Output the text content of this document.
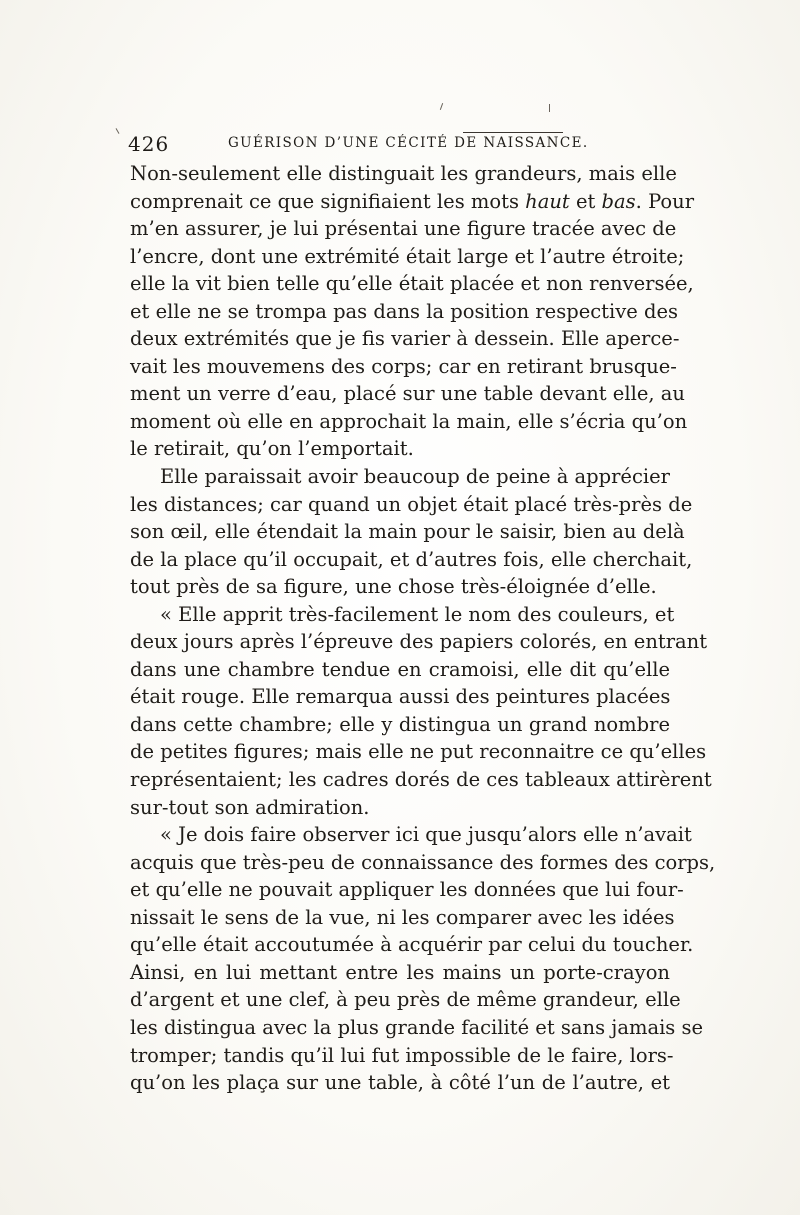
426	GUÉRISON D’UNE CÉCITÉ DE NAISSANCE.
Non-seulement elle distinguait les grandeurs, mais elle
comprenait ce que signifiaient les mots haut et bas. Pour
m’en assurer, je lui présentai une figure tracée avec de
l’encre, dont une extrémité était large et l’autre étroite;
elle la vit bien telle qu’elle était placée et non renversée,
et elle ne se trompa pas dans la position respective des
deux extrémités que je fis varier à dessein. Elle aperce-
vait les mouvemens des corps; car en retirant brusque-
ment un verre d’eau, placé sur une table devant elle, au
moment où elle en approchait la main, elle s’écria qu’on
le retirait, qu’on l’emportait.
Elle paraissait avoir beaucoup de peine à apprécier
les distances; car quand un objet était placé très-près de
son œil, elle étendait la main pour le saisir, bien au delà
de la place qu’il occupait, et d’autres fois, elle cherchait,
tout près de sa figure, une chose très-éloignée d’elle.
« Elle apprit très-facilement le nom des couleurs, et
deux jours après l’épreuve des papiers colorés, en entrant
dans une chambre tendue en cramoisi, elle dit qu’elle
était rouge. Elle remarqua aussi des peintures placées
dans cette chambre; elle y distingua un grand nombre
de petites figures; mais elle ne put reconnaitre ce qu’elles
représentaient; les cadres dorés de ces tableaux attirèrent
sur-tout son admiration.
« Je dois faire observer ici que jusqu’alors elle n’avait
acquis que très-peu de connaissance des formes des corps,
et qu’elle ne pouvait appliquer les données que lui four-
nissait le sens de la vue, ni les comparer avec les idées
qu’elle était accoutumée à acquérir par celui du toucher.
Ainsi, en lui mettant entre les mains un porte-crayon
d’argent et une clef, à peu près de même grandeur, elle
les distingua avec la plus grande facilité et sans jamais se
tromper; tandis qu’il lui fut impossible de le faire, lors-
qu’on les plaça sur une table, à côté l’un de l’autre, et
